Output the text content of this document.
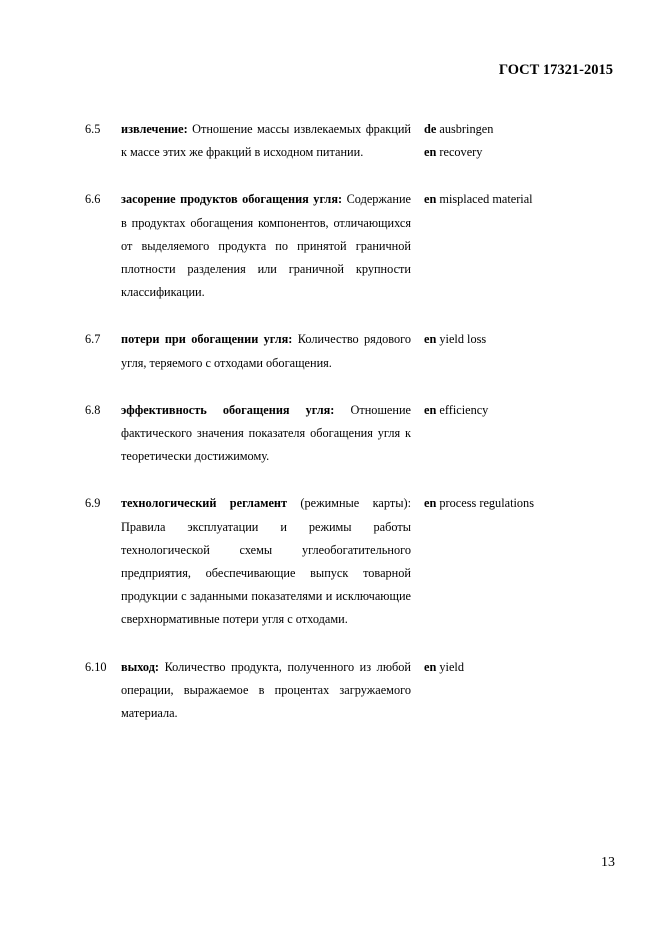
ГОСТ 17321-2015
6.5 извлечение: Отношение массы извлекаемых фракций к массе этих же фракций в исходном питании.
de ausbringen
en recovery
6.6 засорение продуктов обогащения угля: Содержание в продуктах обогащения компонентов, отличающихся от выделяемого продукта по принятой граничной плотности разделения или граничной крупности классификации.
en misplaced material
6.7 потери при обогащении угля: Количество рядового угля, теряемого с отходами обогащения.
en yield loss
6.8 эффективность обогащения угля: Отношение фактического значения показателя обогащения угля к теоретически достижимому.
en efficiency
6.9 технологический регламент (режимные карты): Правила эксплуатации и режимы работы технологической схемы углеобогатительного предприятия, обеспечивающие выпуск товарной продукции с заданными показателями и исключающие сверхнормативные потери угля с отходами.
en process regulations
6.10 выход: Количество продукта, полученного из любой операции, выражаемое в процентах загружаемого материала.
en yield
13
